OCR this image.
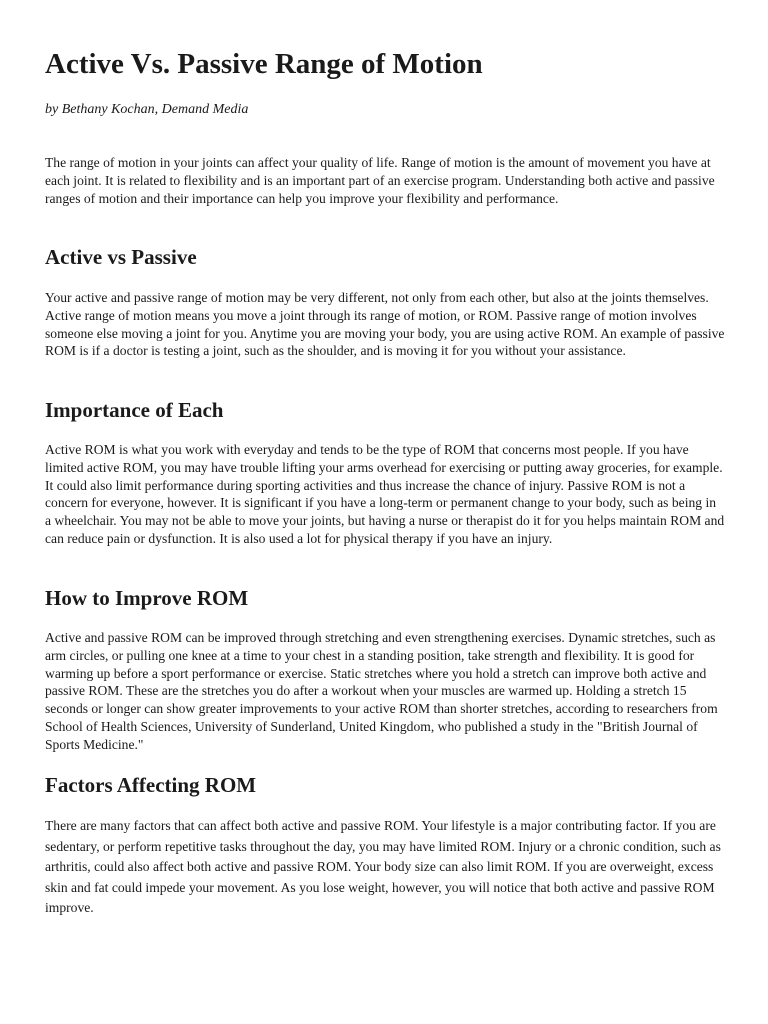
Active Vs. Passive Range of Motion

by Bethany Kochan, Demand Media

The range of motion in your joints can affect your quality of life. Range of motion is the amount of movement you have at each joint. It is related to flexibility and is an important part of an exercise program. Understanding both active and passive ranges of motion and their importance can help you improve your flexibility and performance.

Active vs Passive

Your active and passive range of motion may be very different, not only from each other, but also at the joints themselves. Active range of motion means you move a joint through its range of motion, or ROM. Passive range of motion involves someone else moving a joint for you. Anytime you are moving your body, you are using active ROM. An example of passive ROM is if a doctor is testing a joint, such as the shoulder, and is moving it for you without your assistance.

Importance of Each

Active ROM is what you work with everyday and tends to be the type of ROM that concerns most people. If you have limited active ROM, you may have trouble lifting your arms overhead for exercising or putting away groceries, for example. It could also limit performance during sporting activities and thus increase the chance of injury. Passive ROM is not a concern for everyone, however. It is significant if you have a long-term or permanent change to your body, such as being in a wheelchair. You may not be able to move your joints, but having a nurse or therapist do it for you helps maintain ROM and can reduce pain or dysfunction. It is also used a lot for physical therapy if you have an injury.

How to Improve ROM

Active and passive ROM can be improved through stretching and even strengthening exercises. Dynamic stretches, such as arm circles, or pulling one knee at a time to your chest in a standing position, take strength and flexibility. It is good for warming up before a sport performance or exercise. Static stretches where you hold a stretch can improve both active and passive ROM. These are the stretches you do after a workout when your muscles are warmed up. Holding a stretch 15 seconds or longer can show greater improvements to your active ROM than shorter stretches, according to researchers from School of Health Sciences, University of Sunderland, United Kingdom, who published a study in the "British Journal of Sports Medicine."

Factors Affecting ROM

There are many factors that can affect both active and passive ROM. Your lifestyle is a major contributing factor. If you are sedentary, or perform repetitive tasks throughout the day, you may have limited ROM. Injury or a chronic condition, such as arthritis, could also affect both active and passive ROM. Your body size can also limit ROM. If you are overweight, excess skin and fat could impede your movement. As you lose weight, however, you will notice that both active and passive ROM improve.
